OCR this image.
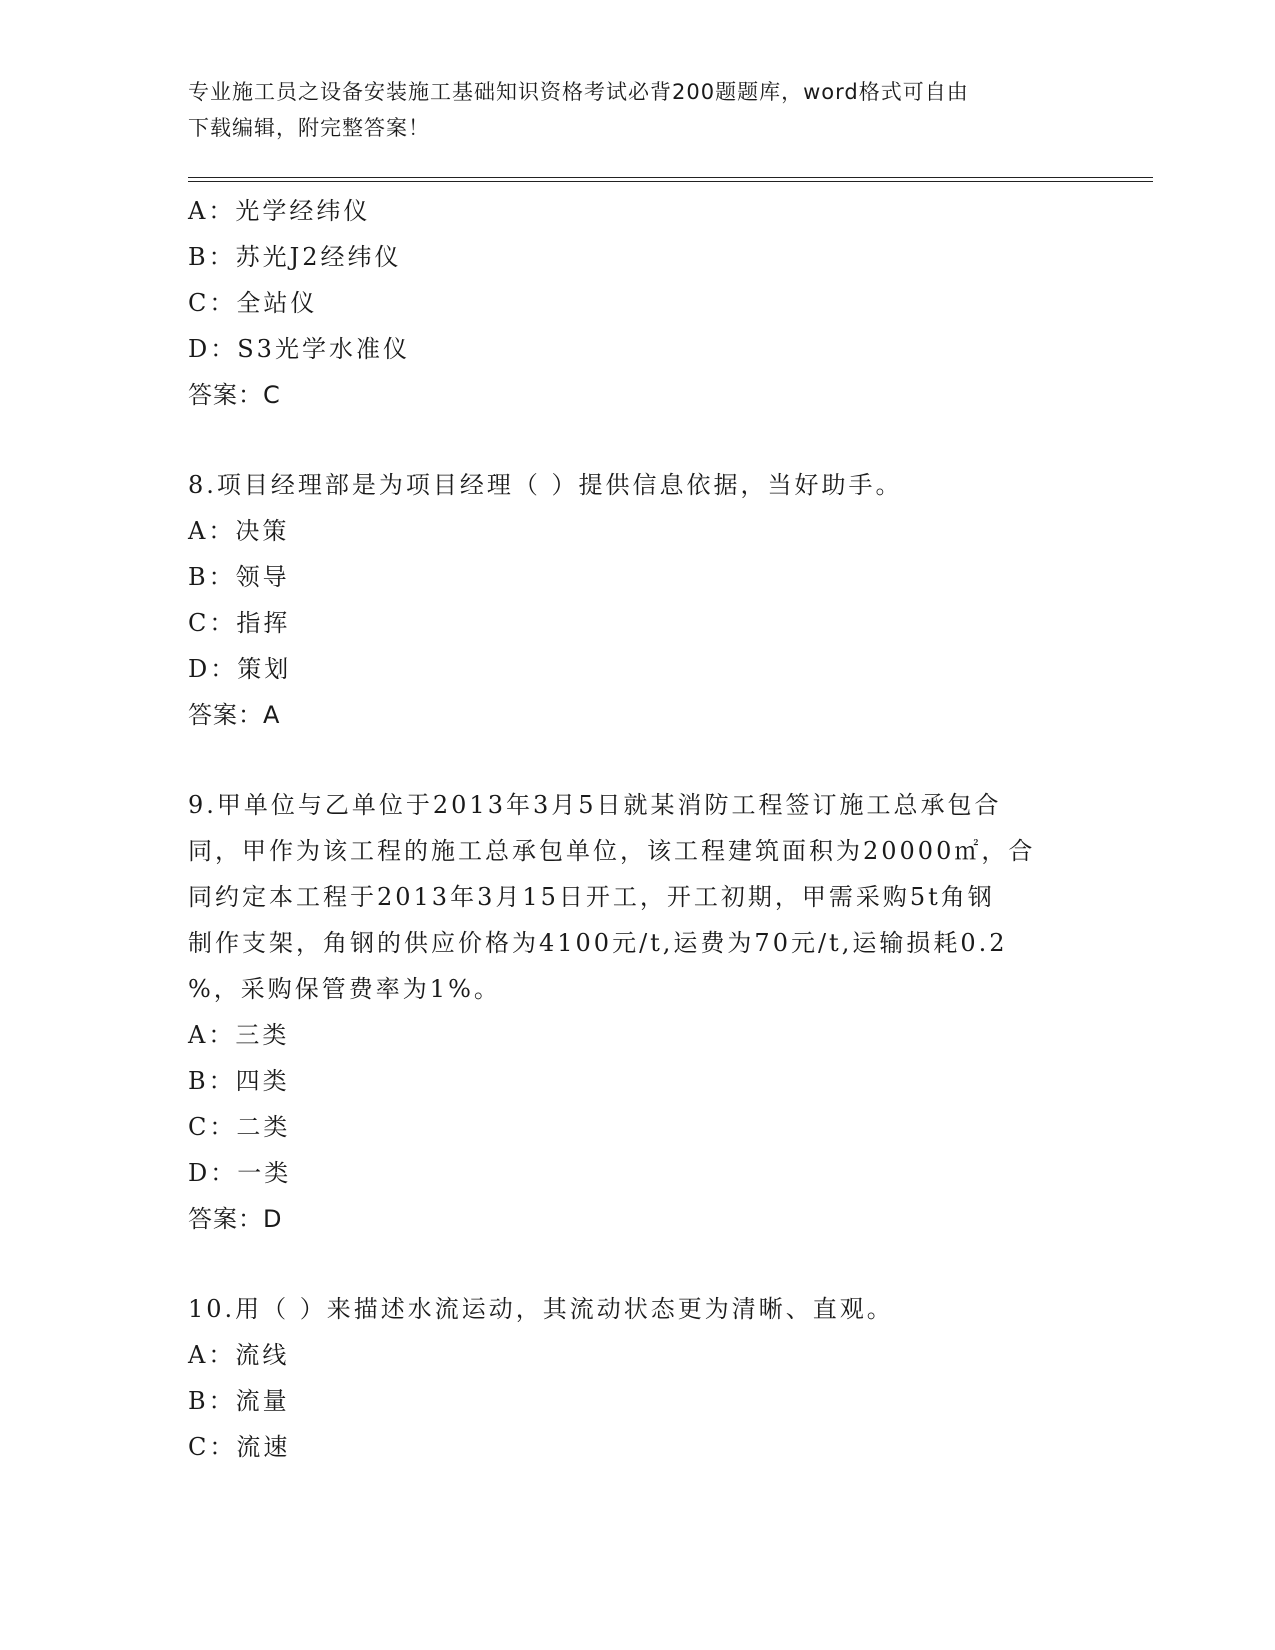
专业施工员之设备安装施工基础知识资格考试必背200题题库，word格式可自由
下载编辑，附完整答案！
A：光学经纬仪
B：苏光J2经纬仪
C：全站仪
D：S3光学水准仪
答案：C
8.项目经理部是为项目经理（ ）提供信息依据，当好助手。
A：决策
B：领导
C：指挥
D：策划
答案：A
9.甲单位与乙单位于2013年3月5日就某消防工程签订施工总承包合
同，甲作为该工程的施工总承包单位，该工程建筑面积为20000㎡，合
同约定本工程于2013年3月15日开工，开工初期，甲需采购5t角钢
制作支架，角钢的供应价格为4100元/t,运费为70元/t,运输损耗0.2
%，采购保管费率为1%。
A：三类
B：四类
C：二类
D：一类
答案：D
10.用（ ）来描述水流运动，其流动状态更为清晰、直观。
A：流线
B：流量
C：流速
